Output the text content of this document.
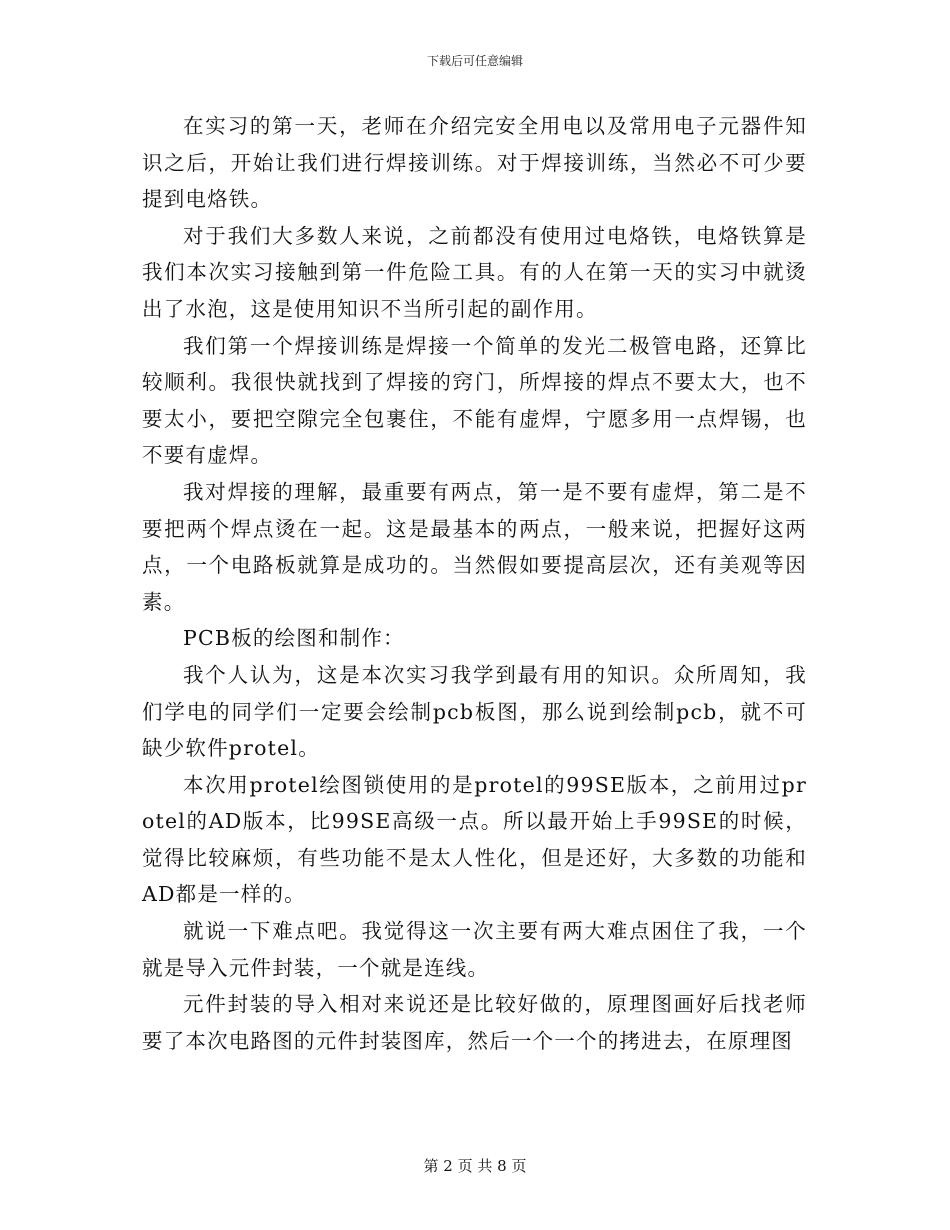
下载后可任意编辑

在实习的第一天，老师在介绍完安全用电以及常用电子元器件知识之后，开始让我们进行焊接训练。对于焊接训练，当然必不可少要提到电烙铁。

对于我们大多数人来说，之前都没有使用过电烙铁，电烙铁算是我们本次实习接触到第一件危险工具。有的人在第一天的实习中就烫出了水泡，这是使用知识不当所引起的副作用。

我们第一个焊接训练是焊接一个简单的发光二极管电路，还算比较顺利。我很快就找到了焊接的窍门，所焊接的焊点不要太大，也不要太小，要把空隙完全包裹住，不能有虚焊，宁愿多用一点焊锡，也不要有虚焊。

我对焊接的理解，最重要有两点，第一是不要有虚焊，第二是不要把两个焊点烫在一起。这是最基本的两点，一般来说，把握好这两点，一个电路板就算是成功的。当然假如要提高层次，还有美观等因素。

PCB板的绘图和制作：

我个人认为，这是本次实习我学到最有用的知识。众所周知，我们学电的同学们一定要会绘制pcb板图，那么说到绘制pcb，就不可缺少软件protel。

本次用protel绘图锁使用的是protel的99SE版本，之前用过protel的AD版本，比99SE高级一点。所以最开始上手99SE的时候，觉得比较麻烦，有些功能不是太人性化，但是还好，大多数的功能和AD都是一样的。

就说一下难点吧。我觉得这一次主要有两大难点困住了我，一个就是导入元件封装，一个就是连线。

元件封装的导入相对来说还是比较好做的，原理图画好后找老师要了本次电路图的元件封装图库，然后一个一个的拷进去，在原理图

第 2 页 共 8 页
